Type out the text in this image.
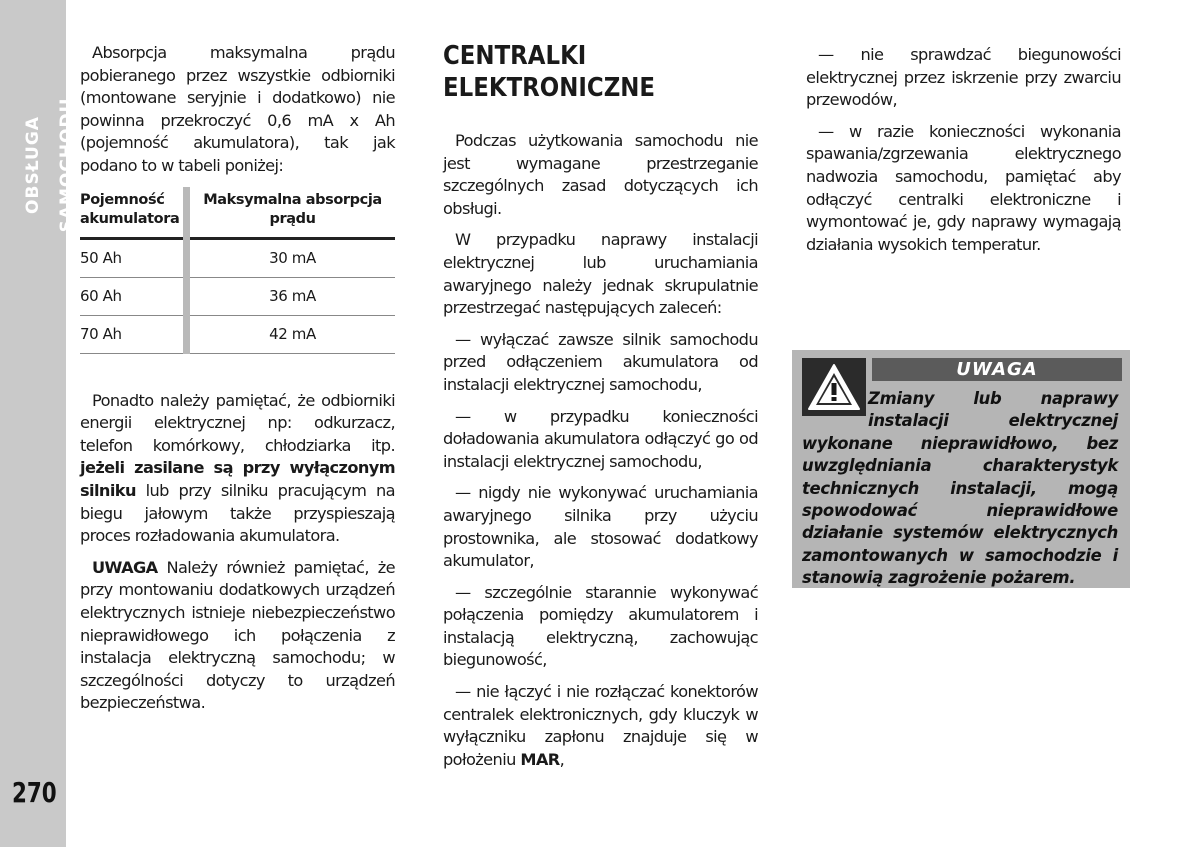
OBSŁUGA SAMOCHODU
270

Absorpcja maksymalna prądu pobieranego przez wszystkie odbiorniki (montowane seryjnie i dodatkowo) nie powinna przekroczyć 0,6 mA x Ah (pojemność akumulatora), tak jak podano to w tabeli poniżej:

Pojemność akumulatora	Maksymalna absorpcja prądu
50 Ah	30 mA
60 Ah	36 mA
70 Ah	42 mA

Ponadto należy pamiętać, że odbiorniki energii elektrycznej np: odkurzacz, telefon komórkowy, chłodziarka itp. jeżeli zasilane są przy wyłączonym silniku lub przy silniku pracującym na biegu jałowym także przyspieszają proces rozładowania akumulatora.

UWAGA Należy również pamiętać, że przy montowaniu dodatkowych urządzeń elektrycznych istnieje niebezpieczeństwo nieprawidłowego ich połączenia z instalacja elektryczną samochodu; w szczególności dotyczy to urządzeń bezpieczeństwa.

CENTRALKI
ELEKTRONICZNE

Podczas użytkowania samochodu nie jest wymagane przestrzeganie szczególnych zasad dotyczących ich obsługi.

W przypadku naprawy instalacji elektrycznej lub uruchamiania awaryjnego należy jednak skrupulatnie przestrzegać następujących zaleceń:

— wyłączać zawsze silnik samochodu przed odłączeniem akumulatora od instalacji elektrycznej samochodu,

— w przypadku konieczności doładowania akumulatora odłączyć go od instalacji elektrycznej samochodu,

— nigdy nie wykonywać uruchamiania awaryjnego silnika przy użyciu prostownika, ale stosować dodatkowy akumulator,

— szczególnie starannie wykonywać połączenia pomiędzy akumulatorem i instalacją elektryczną, zachowując biegunowość,

— nie łączyć i nie rozłączać konektorów centralek elektronicznych, gdy kluczyk w wyłączniku zapłonu znajduje się w położeniu MAR,

— nie sprawdzać biegunowości elektrycznej przez iskrzenie przy zwarciu przewodów,

— w razie konieczności wykonania spawania/zgrzewania elektrycznego nadwozia samochodu, pamiętać aby odłączyć centralki elektroniczne i wymontować je, gdy naprawy wymagają działania wysokich temperatur.

UWAGA
Zmiany lub naprawy instalacji elektrycznej wykonane nieprawidłowo, bez uwzględniania charakterystyk technicznych instalacji, mogą spowodować nieprawidłowe działanie systemów elektrycznych zamontowanych w samochodzie i stanowią zagrożenie pożarem.
